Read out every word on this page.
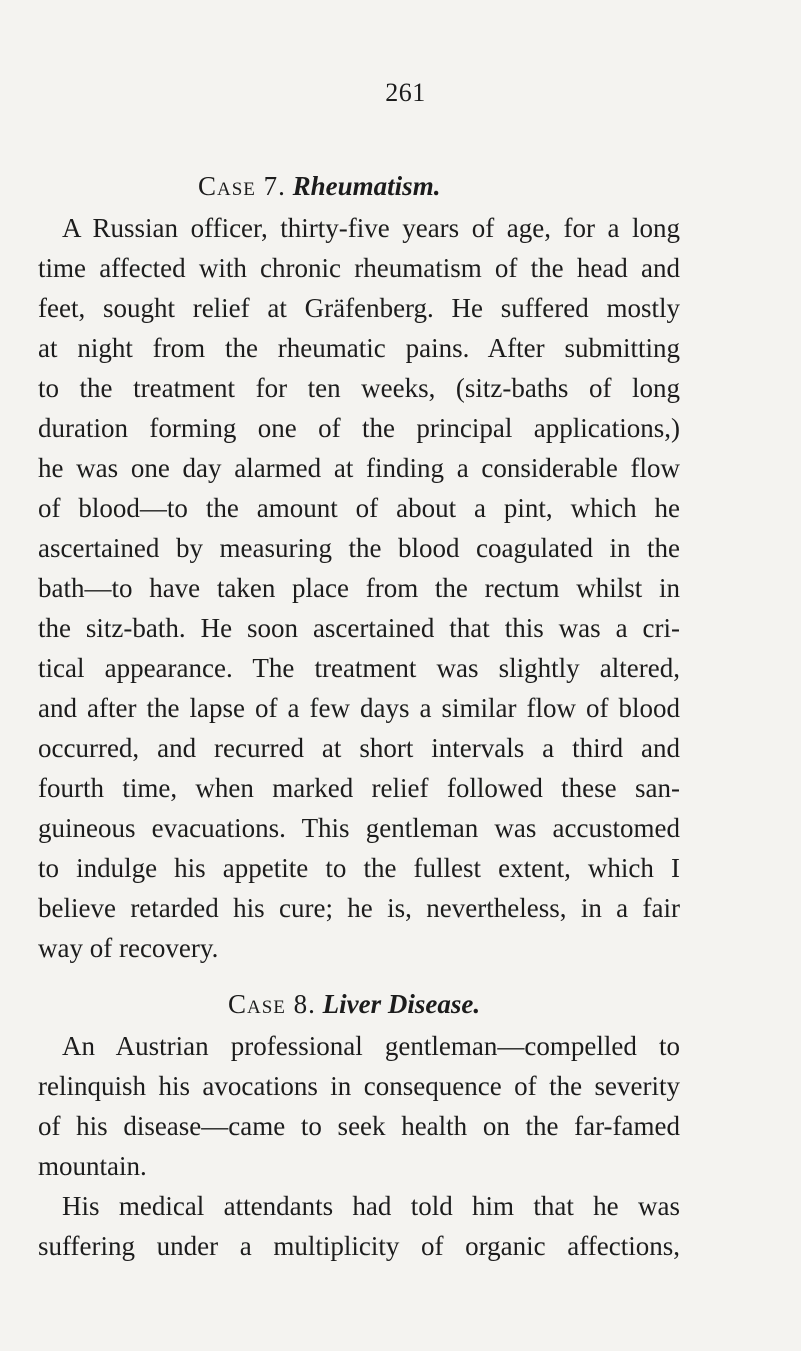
261
Case 7. Rheumatism.
A Russian officer, thirty-five years of age, for a long
time affected with chronic rheumatism of the head and
feet, sought relief at Gräfenberg. He suffered mostly
at night from the rheumatic pains. After submitting
to the treatment for ten weeks, (sitz-baths of long
duration forming one of the principal applications,)
he was one day alarmed at finding a considerable flow
of blood—to the amount of about a pint, which he
ascertained by measuring the blood coagulated in the
bath—to have taken place from the rectum whilst in
the sitz-bath. He soon ascertained that this was a cri-
tical appearance. The treatment was slightly altered,
and after the lapse of a few days a similar flow of blood
occurred, and recurred at short intervals a third and
fourth time, when marked relief followed these san-
guineous evacuations. This gentleman was accustomed
to indulge his appetite to the fullest extent, which I
believe retarded his cure; he is, nevertheless, in a fair
way of recovery.
Case 8. Liver Disease.
An Austrian professional gentleman—compelled to
relinquish his avocations in consequence of the severity
of his disease—came to seek health on the far-famed
mountain.
His medical attendants had told him that he was
suffering under a multiplicity of organic affections,
